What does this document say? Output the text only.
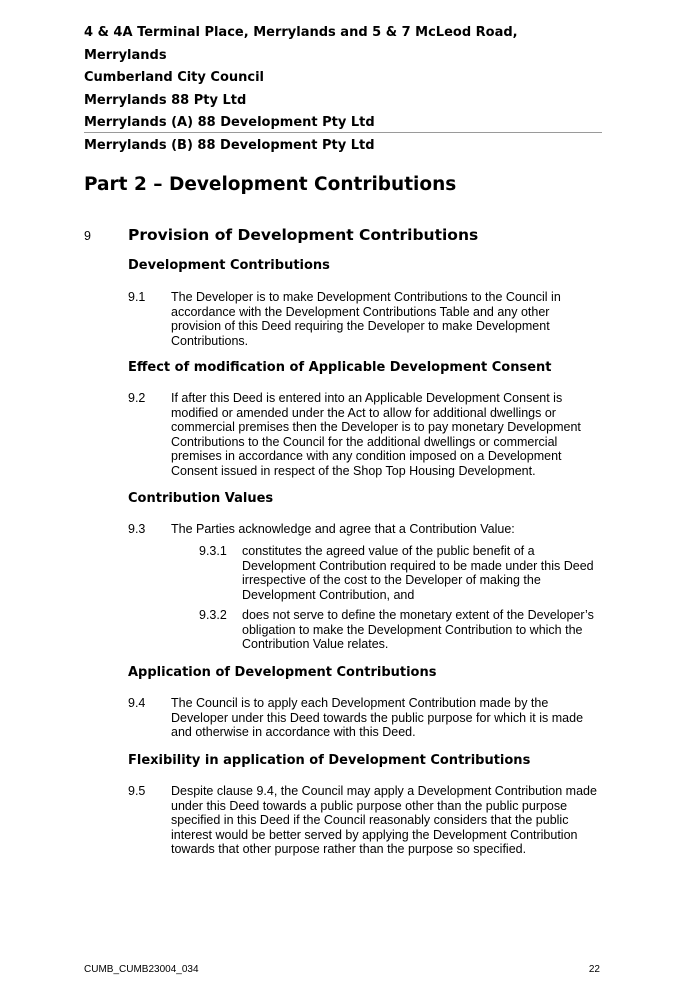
4 & 4A Terminal Place, Merrylands and 5 & 7 McLeod Road, Merrylands
Cumberland City Council
Merrylands 88 Pty Ltd
Merrylands (A) 88 Development Pty Ltd
Merrylands (B) 88 Development Pty Ltd
Part 2 – Development Contributions
9 Provision of Development Contributions
Development Contributions
9.1 The Developer is to make Development Contributions to the Council in accordance with the Development Contributions Table and any other provision of this Deed requiring the Developer to make Development Contributions.
Effect of modification of Applicable Development Consent
9.2 If after this Deed is entered into an Applicable Development Consent is modified or amended under the Act to allow for additional dwellings or commercial premises then the Developer is to pay monetary Development Contributions to the Council for the additional dwellings or commercial premises in accordance with any condition imposed on a Development Consent issued in respect of the Shop Top Housing Development.
Contribution Values
9.3 The Parties acknowledge and agree that a Contribution Value:
9.3.1 constitutes the agreed value of the public benefit of a Development Contribution required to be made under this Deed irrespective of the cost to the Developer of making the Development Contribution, and
9.3.2 does not serve to define the monetary extent of the Developer’s obligation to make the Development Contribution to which the Contribution Value relates.
Application of Development Contributions
9.4 The Council is to apply each Development Contribution made by the Developer under this Deed towards the public purpose for which it is made and otherwise in accordance with this Deed.
Flexibility in application of Development Contributions
9.5 Despite clause 9.4, the Council may apply a Development Contribution made under this Deed towards a public purpose other than the public purpose specified in this Deed if the Council reasonably considers that the public interest would be better served by applying the Development Contribution towards that other purpose rather than the purpose so specified.
CUMB_CUMB23004_034	22
